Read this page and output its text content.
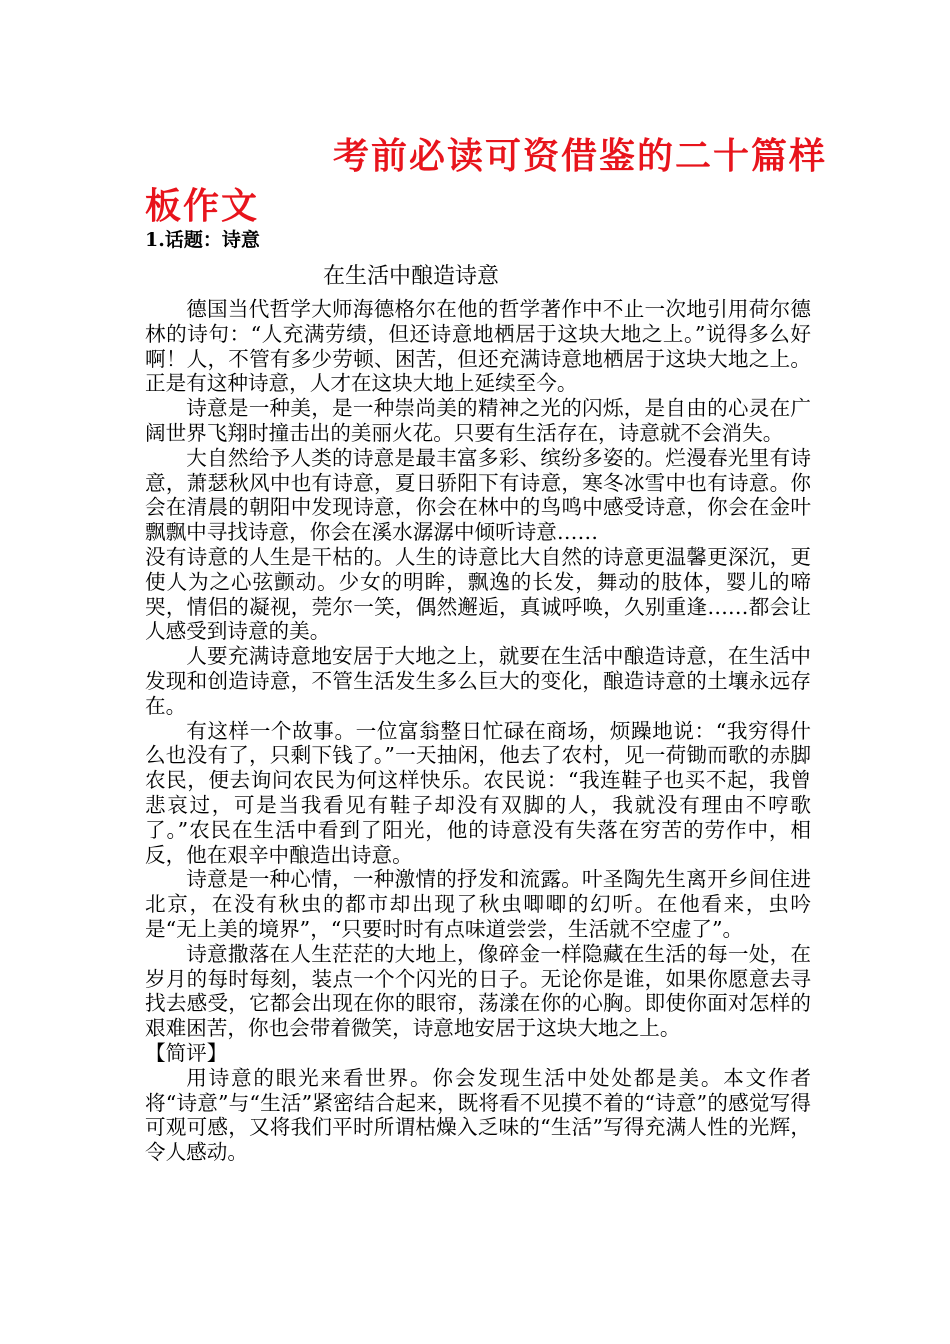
考前必读可资借鉴的二十篇样
板作文
1.话题：诗意
在生活中酿造诗意

德国当代哲学大师海德格尔在他的哲学著作中不止一次地引用荷尔德林的诗句：“人充满劳绩，但还诗意地栖居于这块大地之上。”说得多么好啊！人，不管有多少劳顿、困苦，但还充满诗意地栖居于这块大地之上。正是有这种诗意，人才在这块大地上延续至今。

诗意是一种美，是一种崇尚美的精神之光的闪烁，是自由的心灵在广阔世界飞翔时撞击出的美丽火花。只要有生活存在，诗意就不会消失。

大自然给予人类的诗意是最丰富多彩、缤纷多姿的。烂漫春光里有诗意，萧瑟秋风中也有诗意，夏日骄阳下有诗意，寒冬冰雪中也有诗意。你会在清晨的朝阳中发现诗意，你会在林中的鸟鸣中感受诗意，你会在金叶飘飘中寻找诗意，你会在溪水潺潺中倾听诗意……

没有诗意的人生是干枯的。人生的诗意比大自然的诗意更温馨更深沉，更使人为之心弦颤动。少女的明眸，飘逸的长发，舞动的肢体，婴儿的啼哭，情侣的凝视，莞尔一笑，偶然邂逅，真诚呼唤，久别重逢……都会让人感受到诗意的美。

人要充满诗意地安居于大地之上，就要在生活中酿造诗意，在生活中发现和创造诗意，不管生活发生多么巨大的变化，酿造诗意的土壤永远存在。

有这样一个故事。一位富翁整日忙碌在商场，烦躁地说：“我穷得什么也没有了，只剩下钱了。”一天抽闲，他去了农村，见一荷锄而歌的赤脚农民，便去询问农民为何这样快乐。农民说：“我连鞋子也买不起，我曾悲哀过，可是当我看见有鞋子却没有双脚的人，我就没有理由不哼歌了。”农民在生活中看到了阳光，他的诗意没有失落在穷苦的劳作中，相反，他在艰辛中酿造出诗意。

诗意是一种心情，一种激情的抒发和流露。叶圣陶先生离开乡间住进北京，在没有秋虫的都市却出现了秋虫唧唧的幻听。在他看来，虫吟是“无上美的境界”，“只要时时有点味道尝尝，生活就不空虚了”。

诗意撒落在人生茫茫的大地上，像碎金一样隐藏在生活的每一处，在岁月的每时每刻，装点一个个闪光的日子。无论你是谁，如果你愿意去寻找去感受，它都会出现在你的眼帘，荡漾在你的心胸。即使你面对怎样的艰难困苦，你也会带着微笑，诗意地安居于这块大地之上。

【简评】

用诗意的眼光来看世界。你会发现生活中处处都是美。本文作者将“诗意”与“生活”紧密结合起来，既将看不见摸不着的“诗意”的感觉写得可观可感，又将我们平时所谓枯燥入乏味的“生活”写得充满人性的光辉，令人感动。
